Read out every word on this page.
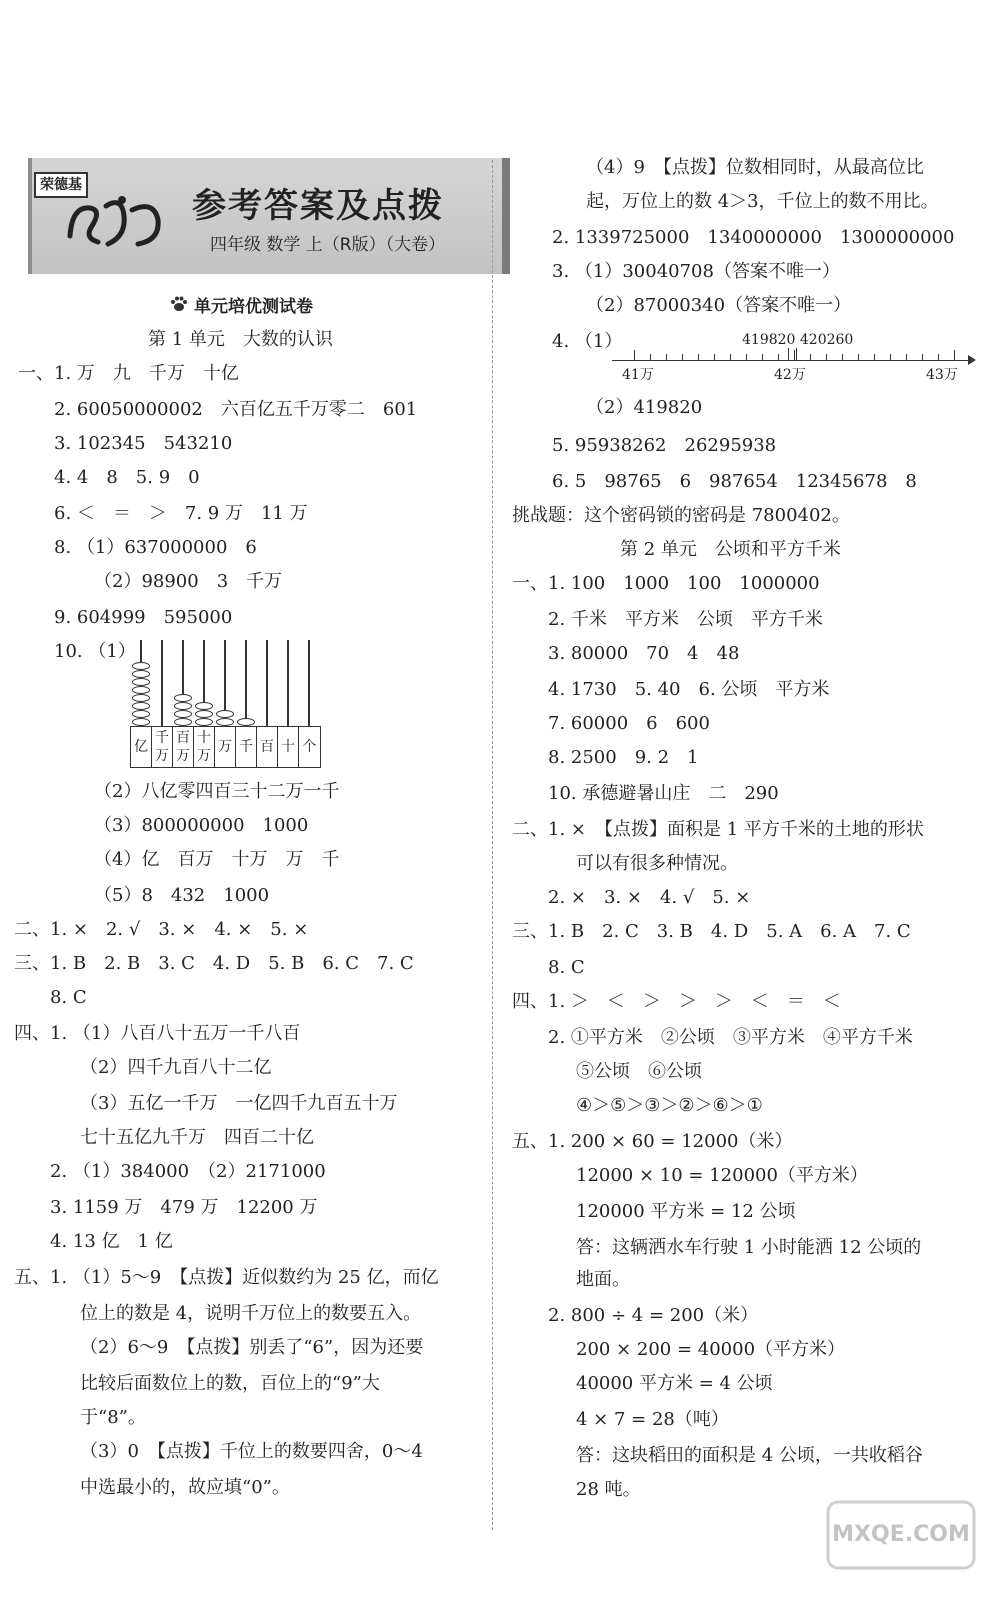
荣德基
参考答案及点拨
四年级 数学 上（R版）（大卷）
单元培优测试卷
第 1 单元　大数的认识
一、1. 万　九　千万　十亿
2. 60050000002　六百亿五千万零二　601
3. 102345　543210
4. 4　8　5. 9　0
6. ＜　＝　＞　7. 9 万　11 万
8. （1）637000000　6
（2）98900　3　千万
9. 604999　595000
10. （1）
（2）八亿零四百三十二万一千
（3）800000000　1000
（4）亿　百万　十万　万　千
（5）8　432　1000
二、1. ×　2. √　3. ×　4. ×　5. ×
三、1. B　2. B　3. C　4. D　5. B　6. C　7. C
8. C
四、1. （1）八百八十五万一千八百
（2）四千九百八十二亿
（3）五亿一千万　一亿四千九百五十万
七十五亿九千万　四百二十亿
2. （1）384000　（2）2171000
3. 1159 万　479 万　12200 万
4. 13 亿　1 亿
五、1. （1）5～9　【点拨】近似数约为 25 亿，而亿
位上的数是 4，说明千万位上的数要五入。
（2）6～9　【点拨】别丢了“6”，因为还要
比较后面数位上的数，百位上的“9”大
于“8”。
（3）0　【点拨】千位上的数要四舍，0～4
中选最小的，故应填“0”。
亿
千万
百万
十万
万 千 百 十 个
（4）9　【点拨】位数相同时，从最高位比
起，万位上的数 4＞3，千位上的数不用比。
2. 1339725000　1340000000　1300000000
3. （1）30040708（答案不唯一）
（2）87000340（答案不唯一）
4. （1）
（2）419820
5. 95938262　26295938
6. 5　98765　6　987654　12345678　8
挑战题：这个密码锁的密码是 7800402。
419820 420260
41万	42万	43万
第 2 单元　公顷和平方千米
一、1. 100　1000　100　1000000
2. 千米　平方米　公顷　平方千米
3. 80000　70　4　48
4. 1730　5. 40　6. 公顷　平方米
7. 60000　6　600
8. 2500　9. 2　1
10. 承德避暑山庄　二　290
二、1. ×　【点拨】面积是 1 平方千米的土地的形状
可以有很多种情况。
2. ×　3. ×　4. √　5. ×
三、1. B　2. C　3. B　4. D　5. A　6. A　7. C
8. C
四、1. ＞　＜　＞　＞　＞　＜　＝　＜
2. ①平方米　②公顷　③平方米　④平方千米
⑤公顷　⑥公顷
④＞⑤＞③＞②＞⑥＞①
五、1. 200 × 60 = 12000（米）
12000 × 10 = 120000（平方米）
120000 平方米 = 12 公顷
答：这辆洒水车行驶 1 小时能洒 12 公顷的
地面。
2. 800 ÷ 4 = 200（米）
200 × 200 = 40000（平方米）
40000 平方米 = 4 公顷
4 × 7 = 28（吨）
答：这块稻田的面积是 4 公顷，一共收稻谷
28 吨。
MXQE.COM
